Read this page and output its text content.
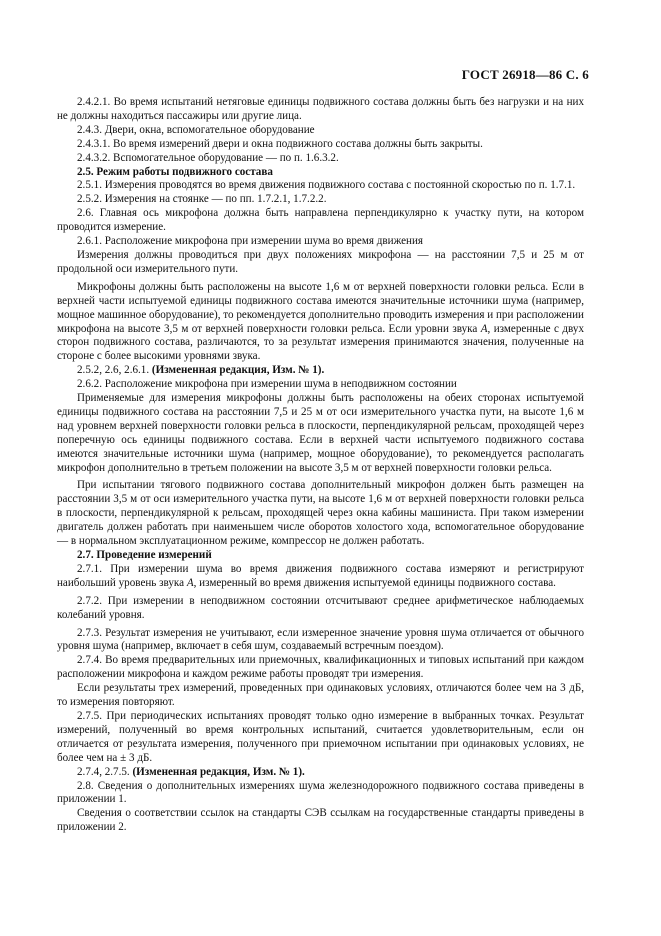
ГОСТ 26918—86 С. 6

2.4.2.1. Во время испытаний нетяговые единицы подвижного состава должны быть без нагрузки и на них не должны находиться пассажиры или другие лица.

2.4.3. Двери, окна, вспомогательное оборудование

2.4.3.1. Во время измерений двери и окна подвижного состава должны быть закрыты.

2.4.3.2. Вспомогательное оборудование — по п. 1.6.3.2.

2.5. Режим работы подвижного состава

2.5.1. Измерения проводятся во время движения подвижного состава с постоянной скоростью по п. 1.7.1.

2.5.2. Измерения на стоянке — по пп. 1.7.2.1, 1.7.2.2.

2.6. Главная ось микрофона должна быть направлена перпендикулярно к участку пути, на котором проводится измерение.

2.6.1. Расположение микрофона при измерении шума во время движения

Измерения должны проводиться при двух положениях микрофона — на расстоянии 7,5 и 25 м от продольной оси измерительного пути.

Микрофоны должны быть расположены на высоте 1,6 м от верхней поверхности головки рельса. Если в верхней части испытуемой единицы подвижного состава имеются значительные источники шума (например, мощное машинное оборудование), то рекомендуется дополнительно проводить измерения и при расположении микрофона на высоте 3,5 м от верхней поверхности головки рельса. Если уровни звука А, измеренные с двух сторон подвижного состава, различаются, то за результат измерения принимаются значения, полученные на стороне с более высокими уровнями звука.

2.5.2, 2.6, 2.6.1. (Измененная редакция, Изм. № 1).

2.6.2. Расположение микрофона при измерении шума в неподвижном состоянии

Применяемые для измерения микрофоны должны быть расположены на обеих сторонах испытуемой единицы подвижного состава на расстоянии 7,5 и 25 м от оси измерительного участка пути, на высоте 1,6 м над уровнем верхней поверхности головки рельса в плоскости, перпендикулярной рельсам, проходящей через поперечную ось единицы подвижного состава. Если в верхней части испытуемого подвижного состава имеются значительные источники шума (например, мощное оборудование), то рекомендуется располагать микрофон дополнительно в третьем положении на высоте 3,5 м от верхней поверхности головки рельса.

При испытании тягового подвижного состава дополнительный микрофон должен быть размещен на расстоянии 3,5 м от оси измерительного участка пути, на высоте 1,6 м от верхней поверхности головки рельса в плоскости, перпендикулярной к рельсам, проходящей через окна кабины машиниста. При таком измерении двигатель должен работать при наименьшем числе оборотов холостого хода, вспомогательное оборудование — в нормальном эксплуатационном режиме, компрессор не должен работать.

2.7. Проведение измерений

2.7.1. При измерении шума во время движения подвижного состава измеряют и регистрируют наибольший уровень звука А, измеренный во время движения испытуемой единицы подвижного состава.

2.7.2. При измерении в неподвижном состоянии отсчитывают среднее арифметическое наблюдаемых колебаний уровня.

2.7.3. Результат измерения не учитывают, если измеренное значение уровня шума отличается от обычного уровня шума (например, включает в себя шум, создаваемый встречным поездом).

2.7.4. Во время предварительных или приемочных, квалификационных и типовых испытаний при каждом расположении микрофона и каждом режиме работы проводят три измерения.

Если результаты трех измерений, проведенных при одинаковых условиях, отличаются более чем на 3 дБ, то измерения повторяют.

2.7.5. При периодических испытаниях проводят только одно измерение в выбранных точках. Результат измерений, полученный во время контрольных испытаний, считается удовлетворительным, если он отличается от результата измерения, полученного при приемочном испытании при одинаковых условиях, не более чем на ± 3 дБ.

2.7.4, 2.7.5. (Измененная редакция, Изм. № 1).

2.8. Сведения о дополнительных измерениях шума железнодорожного подвижного состава приведены в приложении 1.

Сведения о соответствии ссылок на стандарты СЭВ ссылкам на государственные стандарты приведены в приложении 2.
